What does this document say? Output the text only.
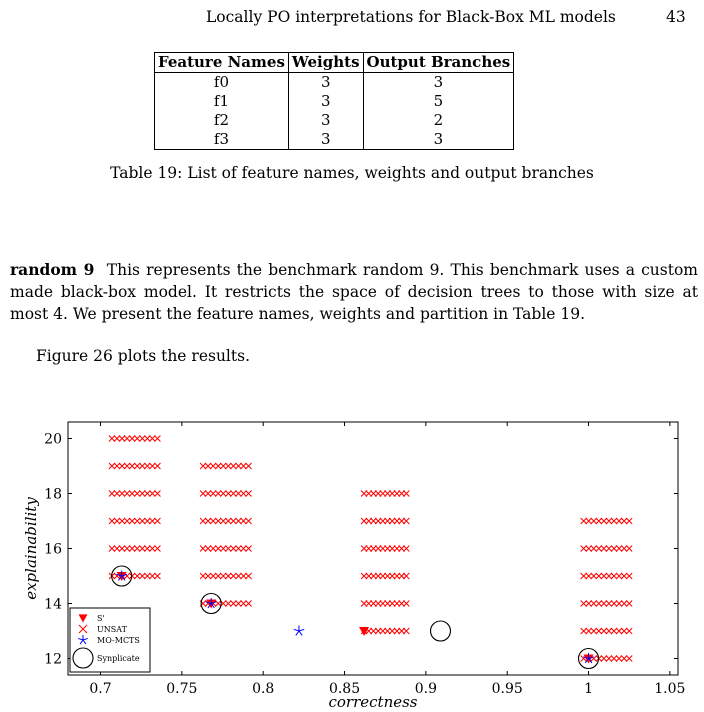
Locally PO interpretations for Black-Box ML models	43
Feature Names	Weights	Output Branches
f0	3	3
f1	3	5
f2	3	2
f3	3	3
Table 19: List of feature names, weights and output branches
random 9 This represents the benchmark random 9. This benchmark uses a custom made black-box model. It restricts the space of decision trees to those with size at most 4. We present the feature names, weights and partition in Table 19.
Figure 26 plots the results.
0.7	0.75	0.8	0.85	0.9	0.95	1	1.05
12
14
16
18
20
correctness
explainability
S'
UNSAT
MO-MCTS
Synplicate
